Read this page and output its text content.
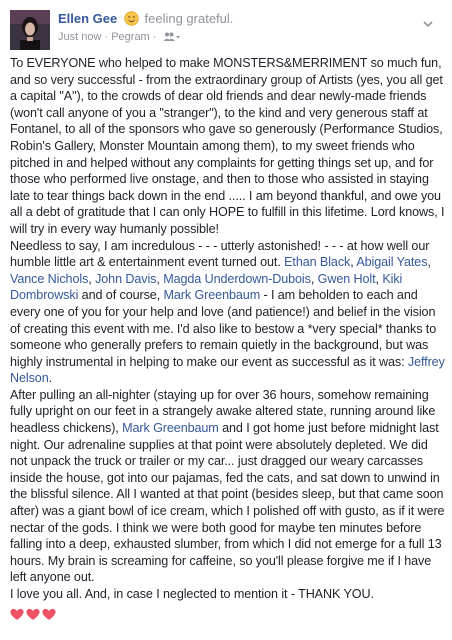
Ellen Gee feeling grateful.
Just now · Pegram ·

To EVERYONE who helped to make MONSTERS&MERRIMENT so much fun, and so very successful - from the extraordinary group of Artists (yes, you all get a capital "A"), to the crowds of dear old friends and dear newly-made friends (won't call anyone of you a "stranger"), to the kind and very generous staff at Fontanel, to all of the sponsors who gave so generously (Performance Studios, Robin's Gallery, Monster Mountain among them), to my sweet friends who pitched in and helped without any complaints for getting things set up, and for those who performed live onstage, and then to those who assisted in staying late to tear things back down in the end ..... I am beyond thankful, and owe you all a debt of gratitude that I can only HOPE to fulfill in this lifetime. Lord knows, I will try in every way humanly possible!

Needless to say, I am incredulous - - - utterly astonished! - - - at how well our humble little art & entertainment event turned out. Ethan Black, Abigail Yates, Vance Nichols, John Davis, Magda Underdown-Dubois, Gwen Holt, Kiki Dombrowski and of course, Mark Greenbaum - I am beholden to each and every one of you for your help and love (and patience!) and belief in the vision of creating this event with me. I'd also like to bestow a *very special* thanks to someone who generally prefers to remain quietly in the background, but was highly instrumental in helping to make our event as successful as it was: Jeffrey Nelson.

After pulling an all-nighter (staying up for over 36 hours, somehow remaining fully upright on our feet in a strangely awake altered state, running around like headless chickens), Mark Greenbaum and I got home just before midnight last night. Our adrenaline supplies at that point were absolutely depleted. We did not unpack the truck or trailer or my car... just dragged our weary carcasses inside the house, got into our pajamas, fed the cats, and sat down to unwind in the blissful silence. All I wanted at that point (besides sleep, but that came soon after) was a giant bowl of ice cream, which I polished off with gusto, as if it were nectar of the gods. I think we were both good for maybe ten minutes before falling into a deep, exhausted slumber, from which I did not emerge for a full 13 hours. My brain is screaming for caffeine, so you'll please forgive me if I have left anyone out.

I love you all. And, in case I neglected to mention it - THANK YOU.
